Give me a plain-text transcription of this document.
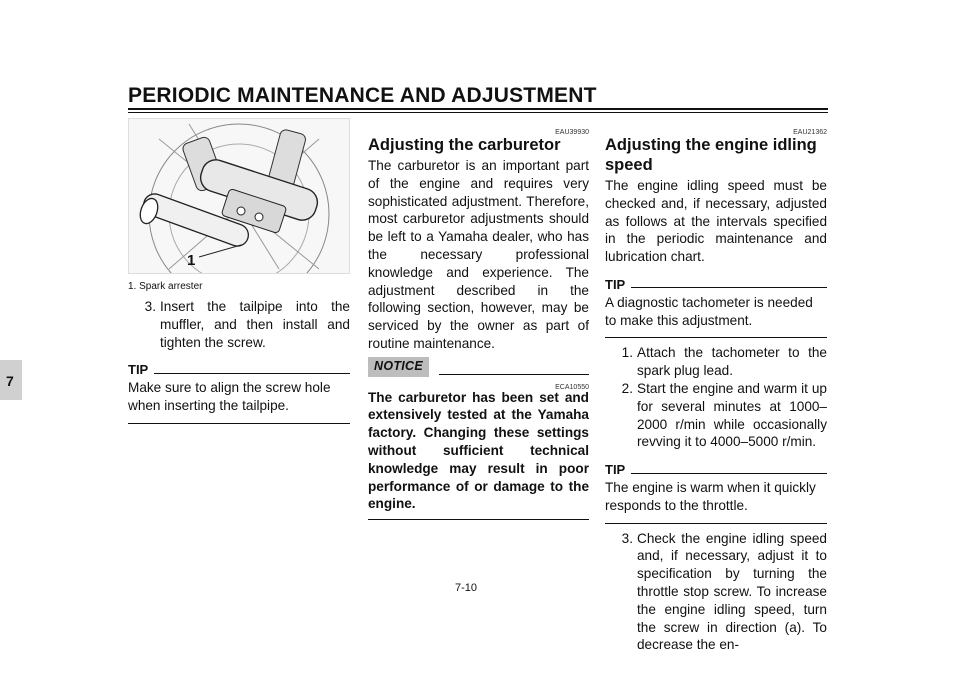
PERIODIC MAINTENANCE AND ADJUSTMENT
7
1
1. Spark arrester
3. Insert the tailpipe into the muffler, and then install and tighten the screw.
TIP
Make sure to align the screw hole when inserting the tailpipe.
EAU39930
Adjusting the carburetor
The carburetor is an important part of the engine and requires very sophisticated adjustment. Therefore, most carburetor adjustments should be left to a Yamaha dealer, who has the necessary professional knowledge and experience. The adjustment described in the following section, however, may be serviced by the owner as part of routine maintenance.
NOTICE
ECA10550
The carburetor has been set and extensively tested at the Yamaha factory. Changing these settings without sufficient technical knowledge may result in poor performance of or damage to the engine.
EAU21362
Adjusting the engine idling speed
The engine idling speed must be checked and, if necessary, adjusted as follows at the intervals specified in the periodic maintenance and lubrication chart.
TIP
A diagnostic tachometer is needed to make this adjustment.
1. Attach the tachometer to the spark plug lead.
2. Start the engine and warm it up for several minutes at 1000–2000 r/min while occasionally revving it to 4000–5000 r/min.
TIP
The engine is warm when it quickly responds to the throttle.
3. Check the engine idling speed and, if necessary, adjust it to specification by turning the throttle stop screw. To increase the engine idling speed, turn the screw in direction (a). To decrease the en-
7-10
